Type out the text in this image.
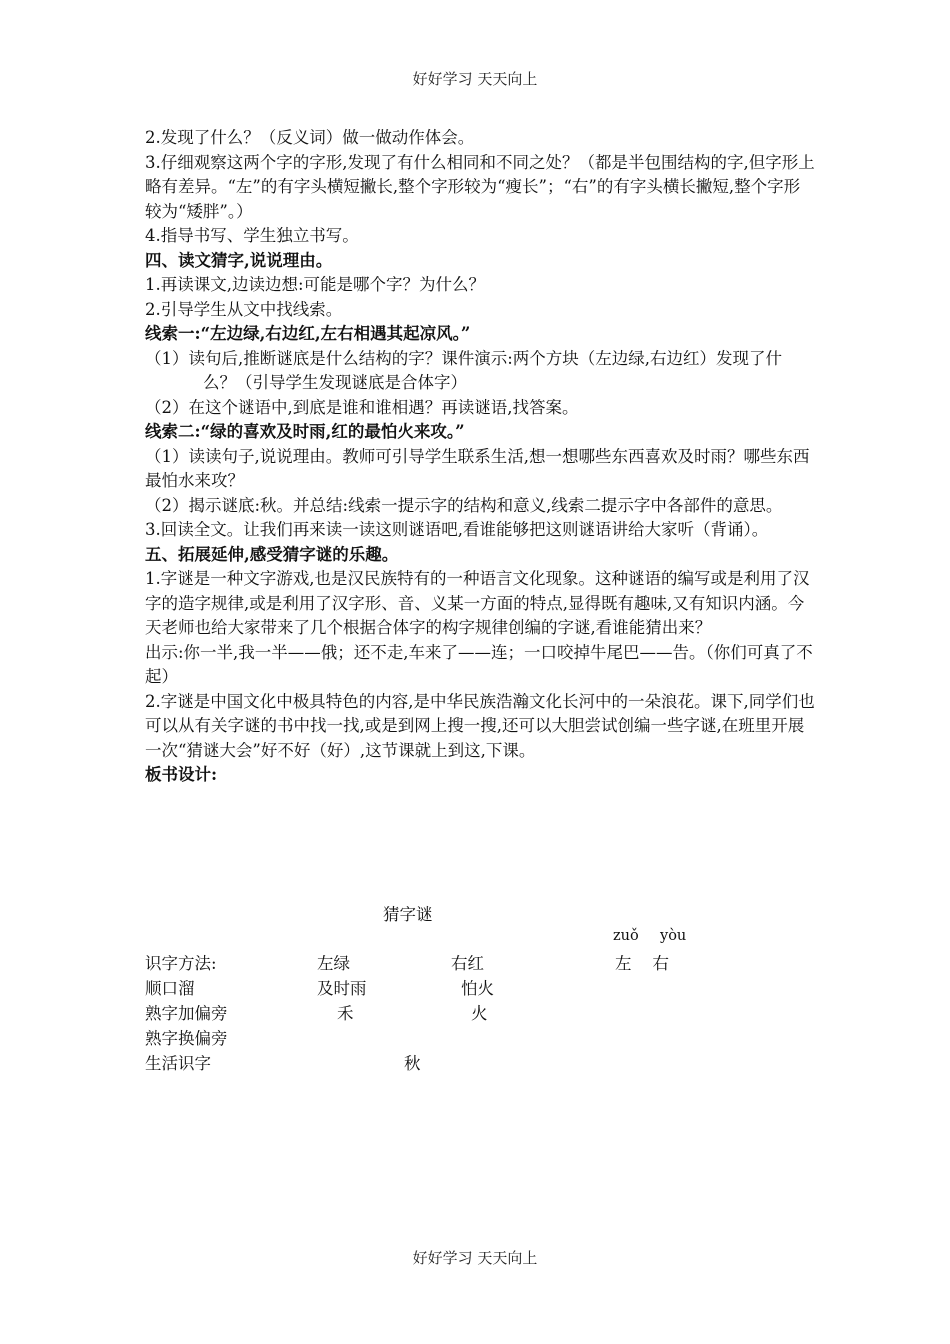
好好学习 天天向上

2.发现了什么？（反义词）做一做动作体会。

3.仔细观察这两个字的字形,发现了有什么相同和不同之处？（都是半包围结构的字,但字形上略有差异。“左”的有字头横短撇长,整个字形较为“瘦长”；“右”的有字头横长撇短,整个字形较为“矮胖”。）

4.指导书写、学生独立书写。

四、读文猜字,说说理由。

1.再读课文,边读边想:可能是哪个字？为什么？

2.引导学生从文中找线索。

线索一:“左边绿,右边红,左右相遇其起凉风。”

（1）读句后,推断谜底是什么结构的字？课件演示:两个方块（左边绿,右边红）发现了什么？（引导学生发现谜底是合体字）

（2）在这个谜语中,到底是谁和谁相遇？再读谜语,找答案。

线索二:“绿的喜欢及时雨,红的最怕火来攻。”

（1）读读句子,说说理由。教师可引导学生联系生活,想一想哪些东西喜欢及时雨？哪些东西最怕水来攻？

（2）揭示谜底:秋。并总结:线索一提示字的结构和意义,线索二提示字中各部件的意思。

3.回读全文。让我们再来读一读这则谜语吧,看谁能够把这则谜语讲给大家听（背诵）。

五、拓展延伸,感受猜字谜的乐趣。

1.字谜是一种文字游戏,也是汉民族特有的一种语言文化现象。这种谜语的编写或是利用了汉字的造字规律,或是利用了汉字形、音、义某一方面的特点,显得既有趣味,又有知识内涵。今天老师也给大家带来了几个根据合体字的构字规律创编的字谜,看谁能猜出来？

出示:你一半,我一半——俄；还不走,车来了——连；一口咬掉牛尾巴——告。（你们可真了不起）

2.字谜是中国文化中极具特色的内容,是中华民族浩瀚文化长河中的一朵浪花。课下,同学们也可以从有关字谜的书中找一找,或是到网上搜一搜,还可以大胆尝试创编一些字谜,在班里开展一次“猜谜大会”好不好（好）,这节课就上到这,下课。

板书设计:

猜字谜
zuǒ yòu
识字方法:	左绿	右红	左    右
顺口溜	及时雨	怕火
熟字加偏旁	禾	火
熟字换偏旁
生活识字	秋
好好学习 天天向上
